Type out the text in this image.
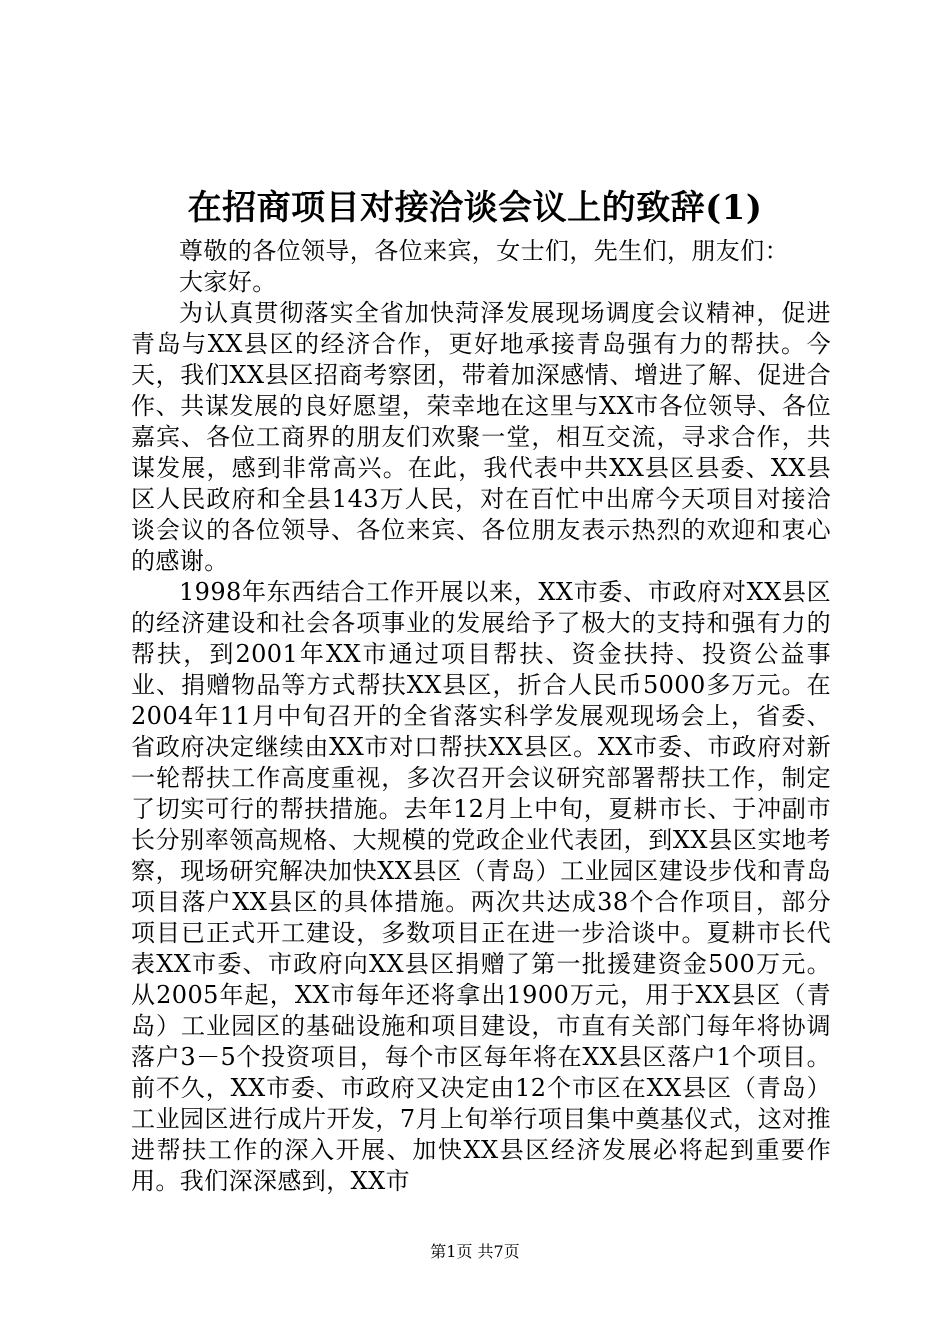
在招商项目对接洽谈会议上的致辞(1)

尊敬的各位领导，各位来宾，女士们，先生们，朋友们：

大家好。

为认真贯彻落实全省加快菏泽发展现场调度会议精神，促进青岛与XX县区的经济合作，更好地承接青岛强有力的帮扶。今天，我们XX县区招商考察团，带着加深感情、增进了解、促进合作、共谋发展的良好愿望，荣幸地在这里与XX市各位领导、各位嘉宾、各位工商界的朋友们欢聚一堂，相互交流，寻求合作，共谋发展，感到非常高兴。在此，我代表中共XX县区县委、XX县区人民政府和全县143万人民，对在百忙中出席今天项目对接洽谈会议的各位领导、各位来宾、各位朋友表示热烈的欢迎和衷心的感谢。

1998年东西结合工作开展以来，XX市委、市政府对XX县区的经济建设和社会各项事业的发展给予了极大的支持和强有力的帮扶，到2001年XX市通过项目帮扶、资金扶持、投资公益事业、捐赠物品等方式帮扶XX县区，折合人民币5000多万元。在2004年11月中旬召开的全省落实科学发展观现场会上，省委、省政府决定继续由XX市对口帮扶XX县区。XX市委、市政府对新一轮帮扶工作高度重视，多次召开会议研究部署帮扶工作，制定了切实可行的帮扶措施。去年12月上中旬，夏耕市长、于冲副市长分别率领高规格、大规模的党政企业代表团，到XX县区实地考察，现场研究解决加快XX县区（青岛）工业园区建设步伐和青岛项目落户XX县区的具体措施。两次共达成38个合作项目，部分项目已正式开工建设，多数项目正在进一步洽谈中。夏耕市长代表XX市委、市政府向XX县区捐赠了第一批援建资金500万元。从2005年起，XX市每年还将拿出1900万元，用于XX县区（青岛）工业园区的基础设施和项目建设，市直有关部门每年将协调落户3－5个投资项目，每个市区每年将在XX县区落户1个项目。前不久，XX市委、市政府又决定由12个市区在XX县区（青岛）工业园区进行成片开发，7月上旬举行项目集中奠基仪式，这对推进帮扶工作的深入开展、加快XX县区经济发展必将起到重要作用。我们深深感到，XX市

第1页 共7页
